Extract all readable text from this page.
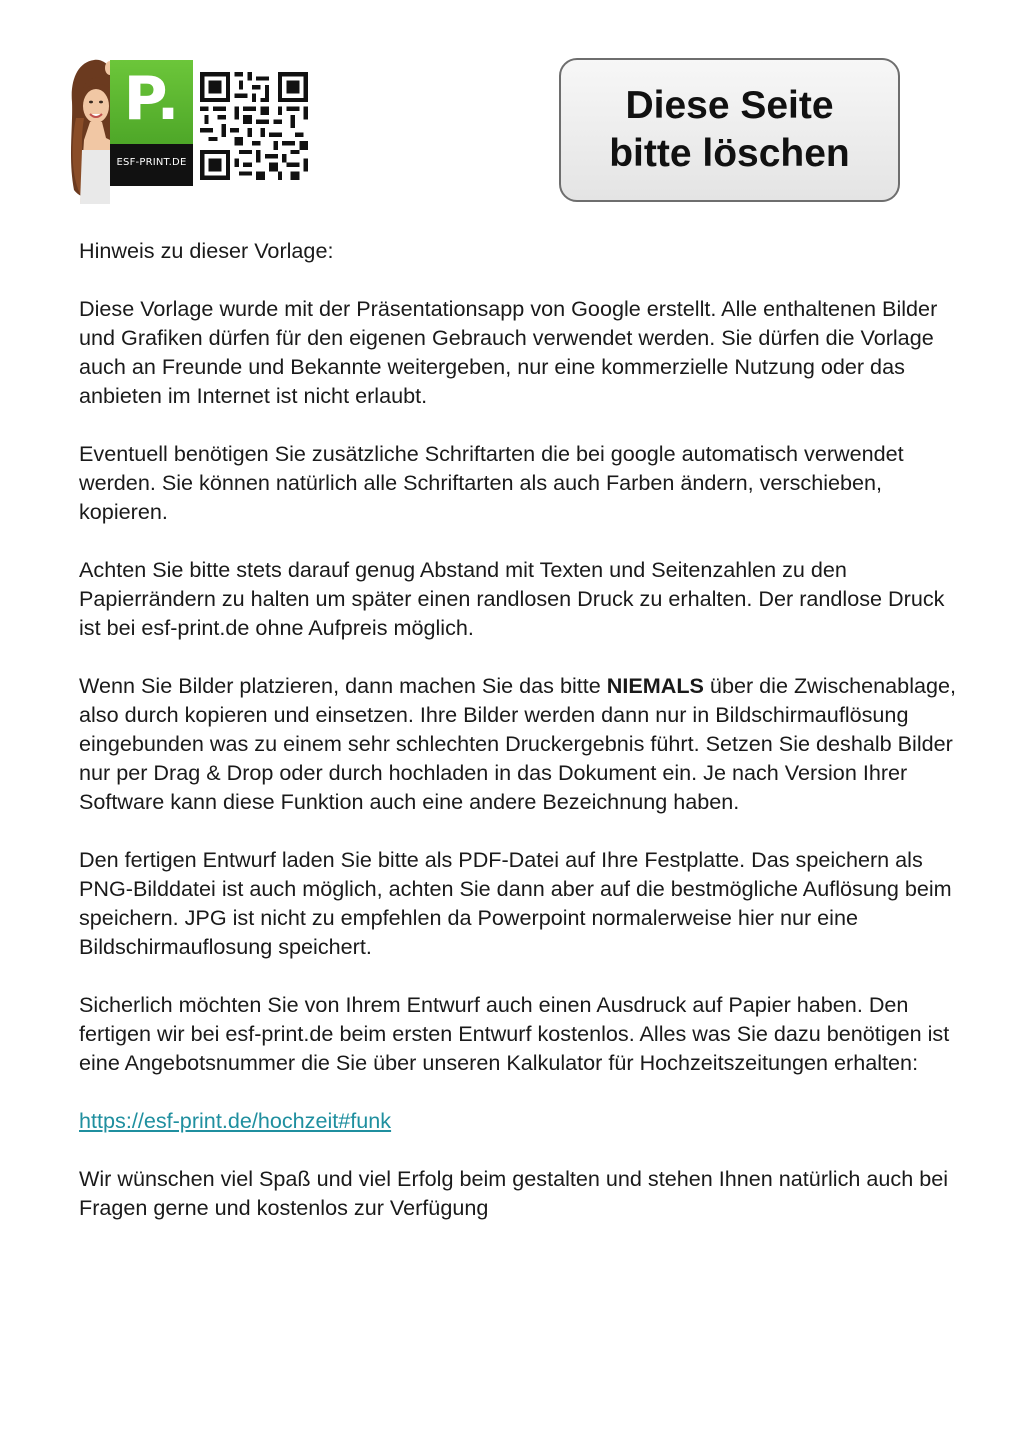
P.
ESF-PRINT.DE
Diese Seite
bitte löschen

Hinweis zu dieser Vorlage:

Diese Vorlage wurde mit der Präsentationsapp von Google erstellt. Alle enthaltenen Bilder und Grafiken dürfen für den eigenen Gebrauch verwendet werden. Sie dürfen die Vorlage auch an Freunde und Bekannte weitergeben, nur eine kommerzielle Nutzung oder das anbieten im Internet ist nicht erlaubt.

Eventuell benötigen Sie zusätzliche Schriftarten die bei google automatisch verwendet werden. Sie können natürlich alle Schriftarten als auch Farben ändern, verschieben, kopieren.

Achten Sie bitte stets darauf genug Abstand mit Texten und Seitenzahlen zu den Papierrändern zu halten um später einen randlosen Druck zu erhalten. Der randlose Druck ist bei esf-print.de ohne Aufpreis möglich.

Wenn Sie Bilder platzieren, dann machen Sie das bitte NIEMALS über die Zwischenablage, also durch kopieren und einsetzen. Ihre Bilder werden dann nur in Bildschirmauflösung eingebunden was zu einem sehr schlechten Druckergebnis führt. Setzen Sie deshalb Bilder nur per Drag & Drop oder durch hochladen in das Dokument ein. Je nach Version Ihrer Software kann diese Funktion auch eine andere Bezeichnung haben.

Den fertigen Entwurf laden Sie bitte als PDF-Datei auf Ihre Festplatte. Das speichern als PNG-Bilddatei ist auch möglich, achten Sie dann aber auf die bestmögliche Auflösung beim speichern. JPG ist nicht zu empfehlen da Powerpoint normalerweise hier nur eine Bildschirmauflosung speichert.

Sicherlich möchten Sie von Ihrem Entwurf auch einen Ausdruck auf Papier haben. Den fertigen wir bei esf-print.de beim ersten Entwurf kostenlos. Alles was Sie dazu benötigen ist eine Angebotsnummer die Sie über unseren Kalkulator für Hochzeitszeitungen erhalten:

https://esf-print.de/hochzeit#funk

Wir wünschen viel Spaß und viel Erfolg beim gestalten und stehen Ihnen natürlich auch bei Fragen gerne und kostenlos zur Verfügung
